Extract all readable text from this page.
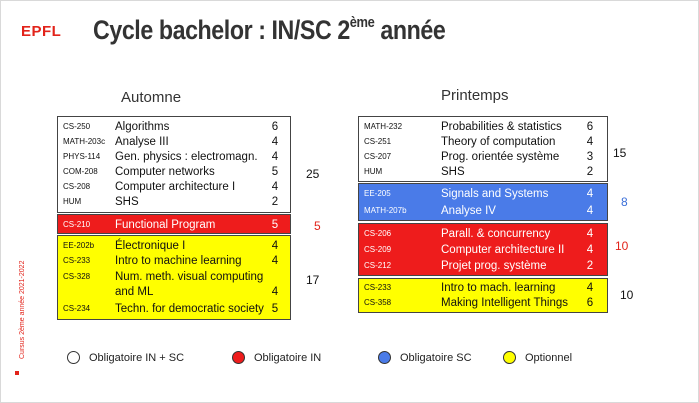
EPFL Cycle bachelor : IN/SC 2ème année
Cursus 2ème année 2021-2022
Automne	Printemps
CS-250 Algorithms	6
MATH-203c Analyse III	4
PHYS-114 Gen. physics : electromagn.	4
COM-208 Computer networks	5
CS-208 Computer architecture I	4
HUM	SHS	2
25
CS-210 Functional Program	5	5
EE-202b Électronique I	4
CS-233 Intro to machine learning	4
CS-328 Num. meth. visual computing
and ML	4
CS-234 Techn. for democratic society 5
17
MATH-232	Probabilities & statistics	6
CS-251	Theory of computation	4
CS-207	Prog. orientée système	3
HUM	SHS	2
15
EE-205	Signals and Systems	4
MATH-207b	Analyse IV	4
8
CS-206	Parall. & concurrency	4
CS-209	Computer architecture II	4
CS-212	Projet prog. système	2
10
CS-233	Intro to mach. learning	4
CS-358	Making Intelligent Things	6
10
Obligatoire IN + SC	Obligatoire IN	Obligatoire SC	Optionnel
